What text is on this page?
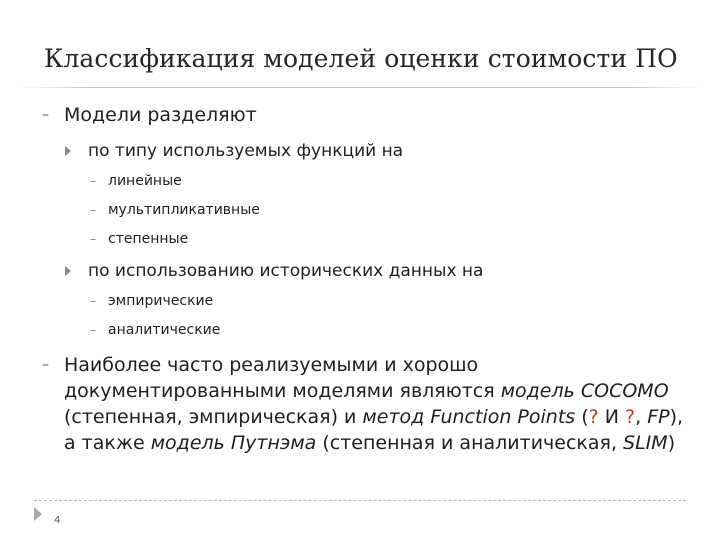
Классификация моделей оценки стоимости ПО
– Модели разделяют
по типу используемых функций на
– линейные
– мультипликативные
– степенные
по использованию исторических данных на
– эмпирические
– аналитические
– Наиболее часто реализуемыми и хорошо документированными моделями являются модель COCOMO (степенная, эмпирическая) и метод Function Points (? И ?, FP), а также модель Путнэма (степенная и аналитическая, SLIM)
4
